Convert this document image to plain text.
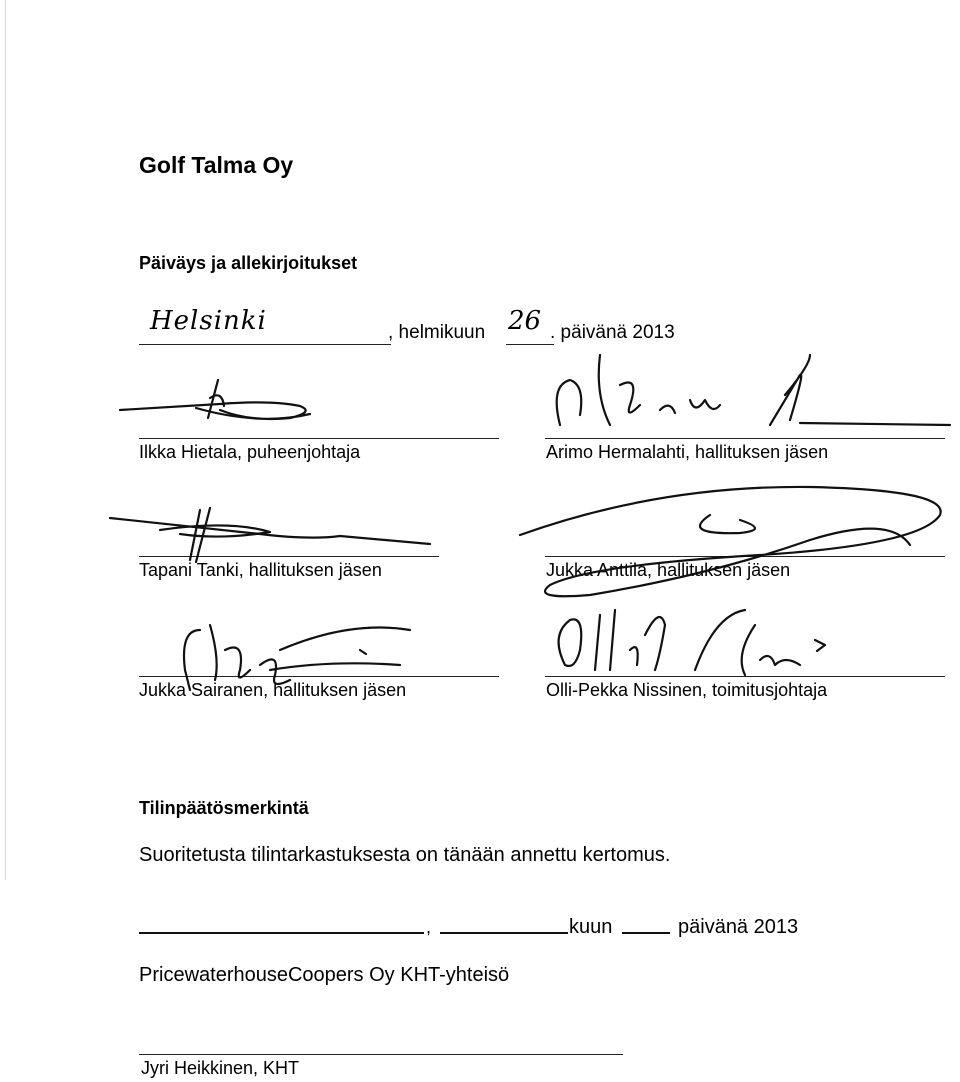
Golf Talma Oy
Päiväys ja allekirjoitukset
Helsinki	, helmikuun 26 . päivänä 2013
Ilkka Hietala, puheenjohtaja	Arimo Hermalahti, hallituksen jäsen
Tapani Tanki, hallituksen jäsen	Jukka Anttila, hallituksen jäsen
Jukka Sairanen, hallituksen jäsen	Olli-Pekka Nissinen, toimitusjohtaja
Tilinpäätösmerkintä
Suoritetusta tilintarkastuksesta on tänään annettu kertomus.
,	kuun	päivänä 2013
PricewaterhouseCoopers Oy KHT-yhteisö
Jyri Heikkinen, KHT
